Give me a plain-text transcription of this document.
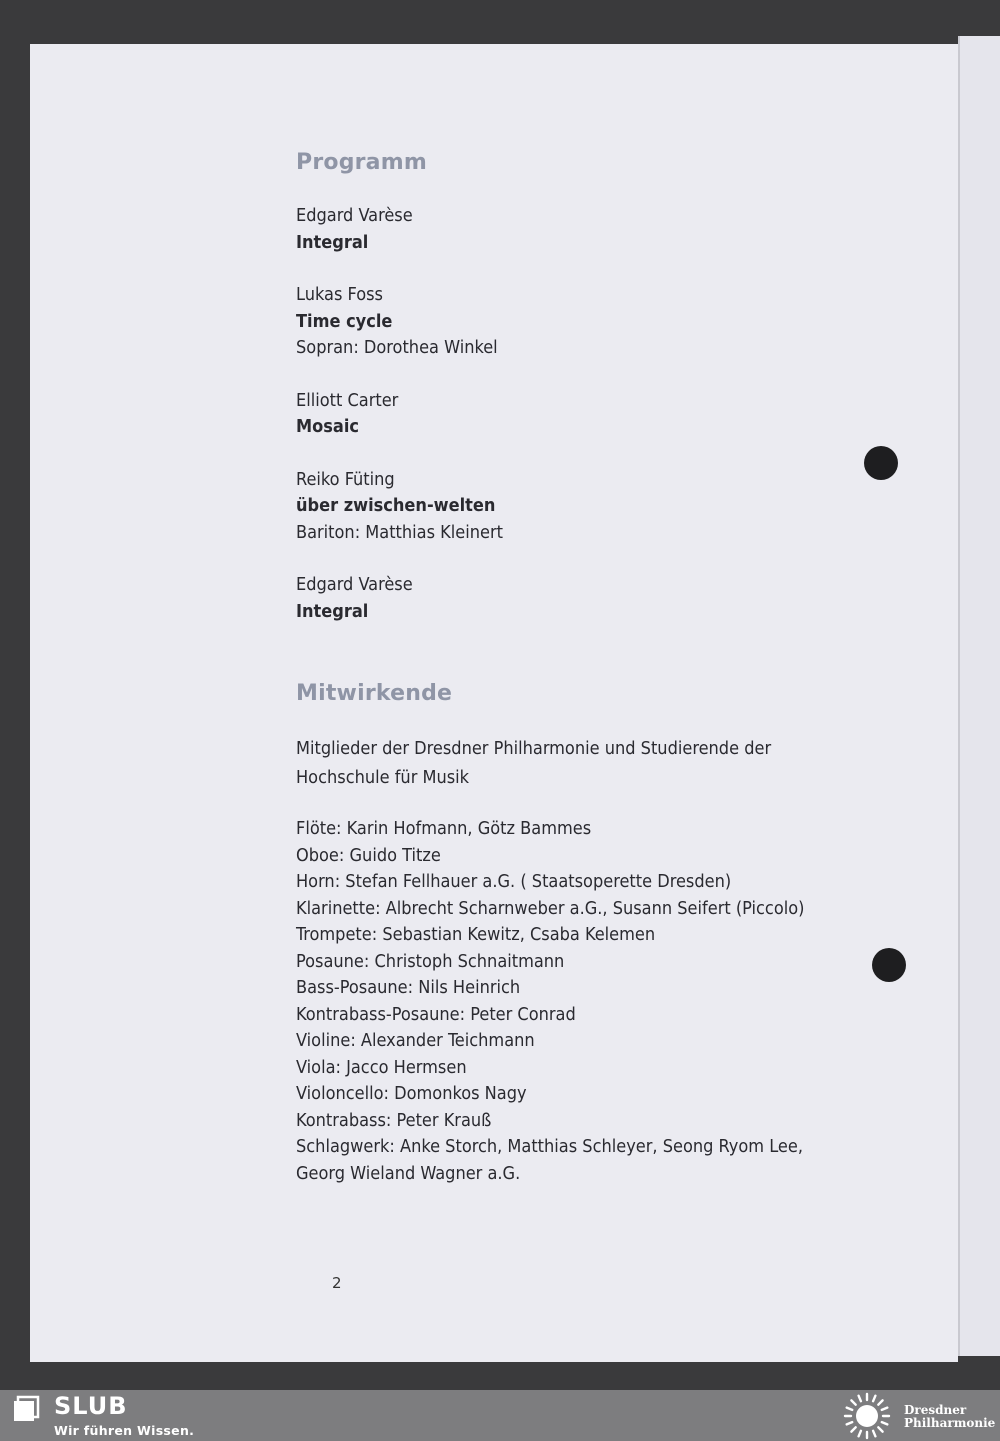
Programm
Edgard Varèse
Integral
Lukas Foss
Time cycle
Sopran: Dorothea Winkel
Elliott Carter
Mosaic
Reiko Füting
über zwischen-welten
Bariton: Matthias Kleinert
Edgard Varèse
Integral
Mitwirkende
Mitglieder der Dresdner Philharmonie und Studierende der Hochschule für Musik
Flöte: Karin Hofmann, Götz Bammes
Oboe: Guido Titze
Horn: Stefan Fellhauer a.G. ( Staatsoperette Dresden)
Klarinette: Albrecht Scharnweber a.G., Susann Seifert (Piccolo)
Trompete: Sebastian Kewitz, Csaba Kelemen
Posaune: Christoph Schnaitmann
Bass-Posaune: Nils Heinrich
Kontrabass-Posaune: Peter Conrad
Violine: Alexander Teichmann
Viola: Jacco Hermsen
Violoncello: Domonkos Nagy
Kontrabass: Peter Krauß
Schlagwerk: Anke Storch, Matthias Schleyer, Seong Ryom Lee,
Georg Wieland Wagner a.G.
2
SLUB
Wir führen Wissen.
Dresdner
Philharmonie
